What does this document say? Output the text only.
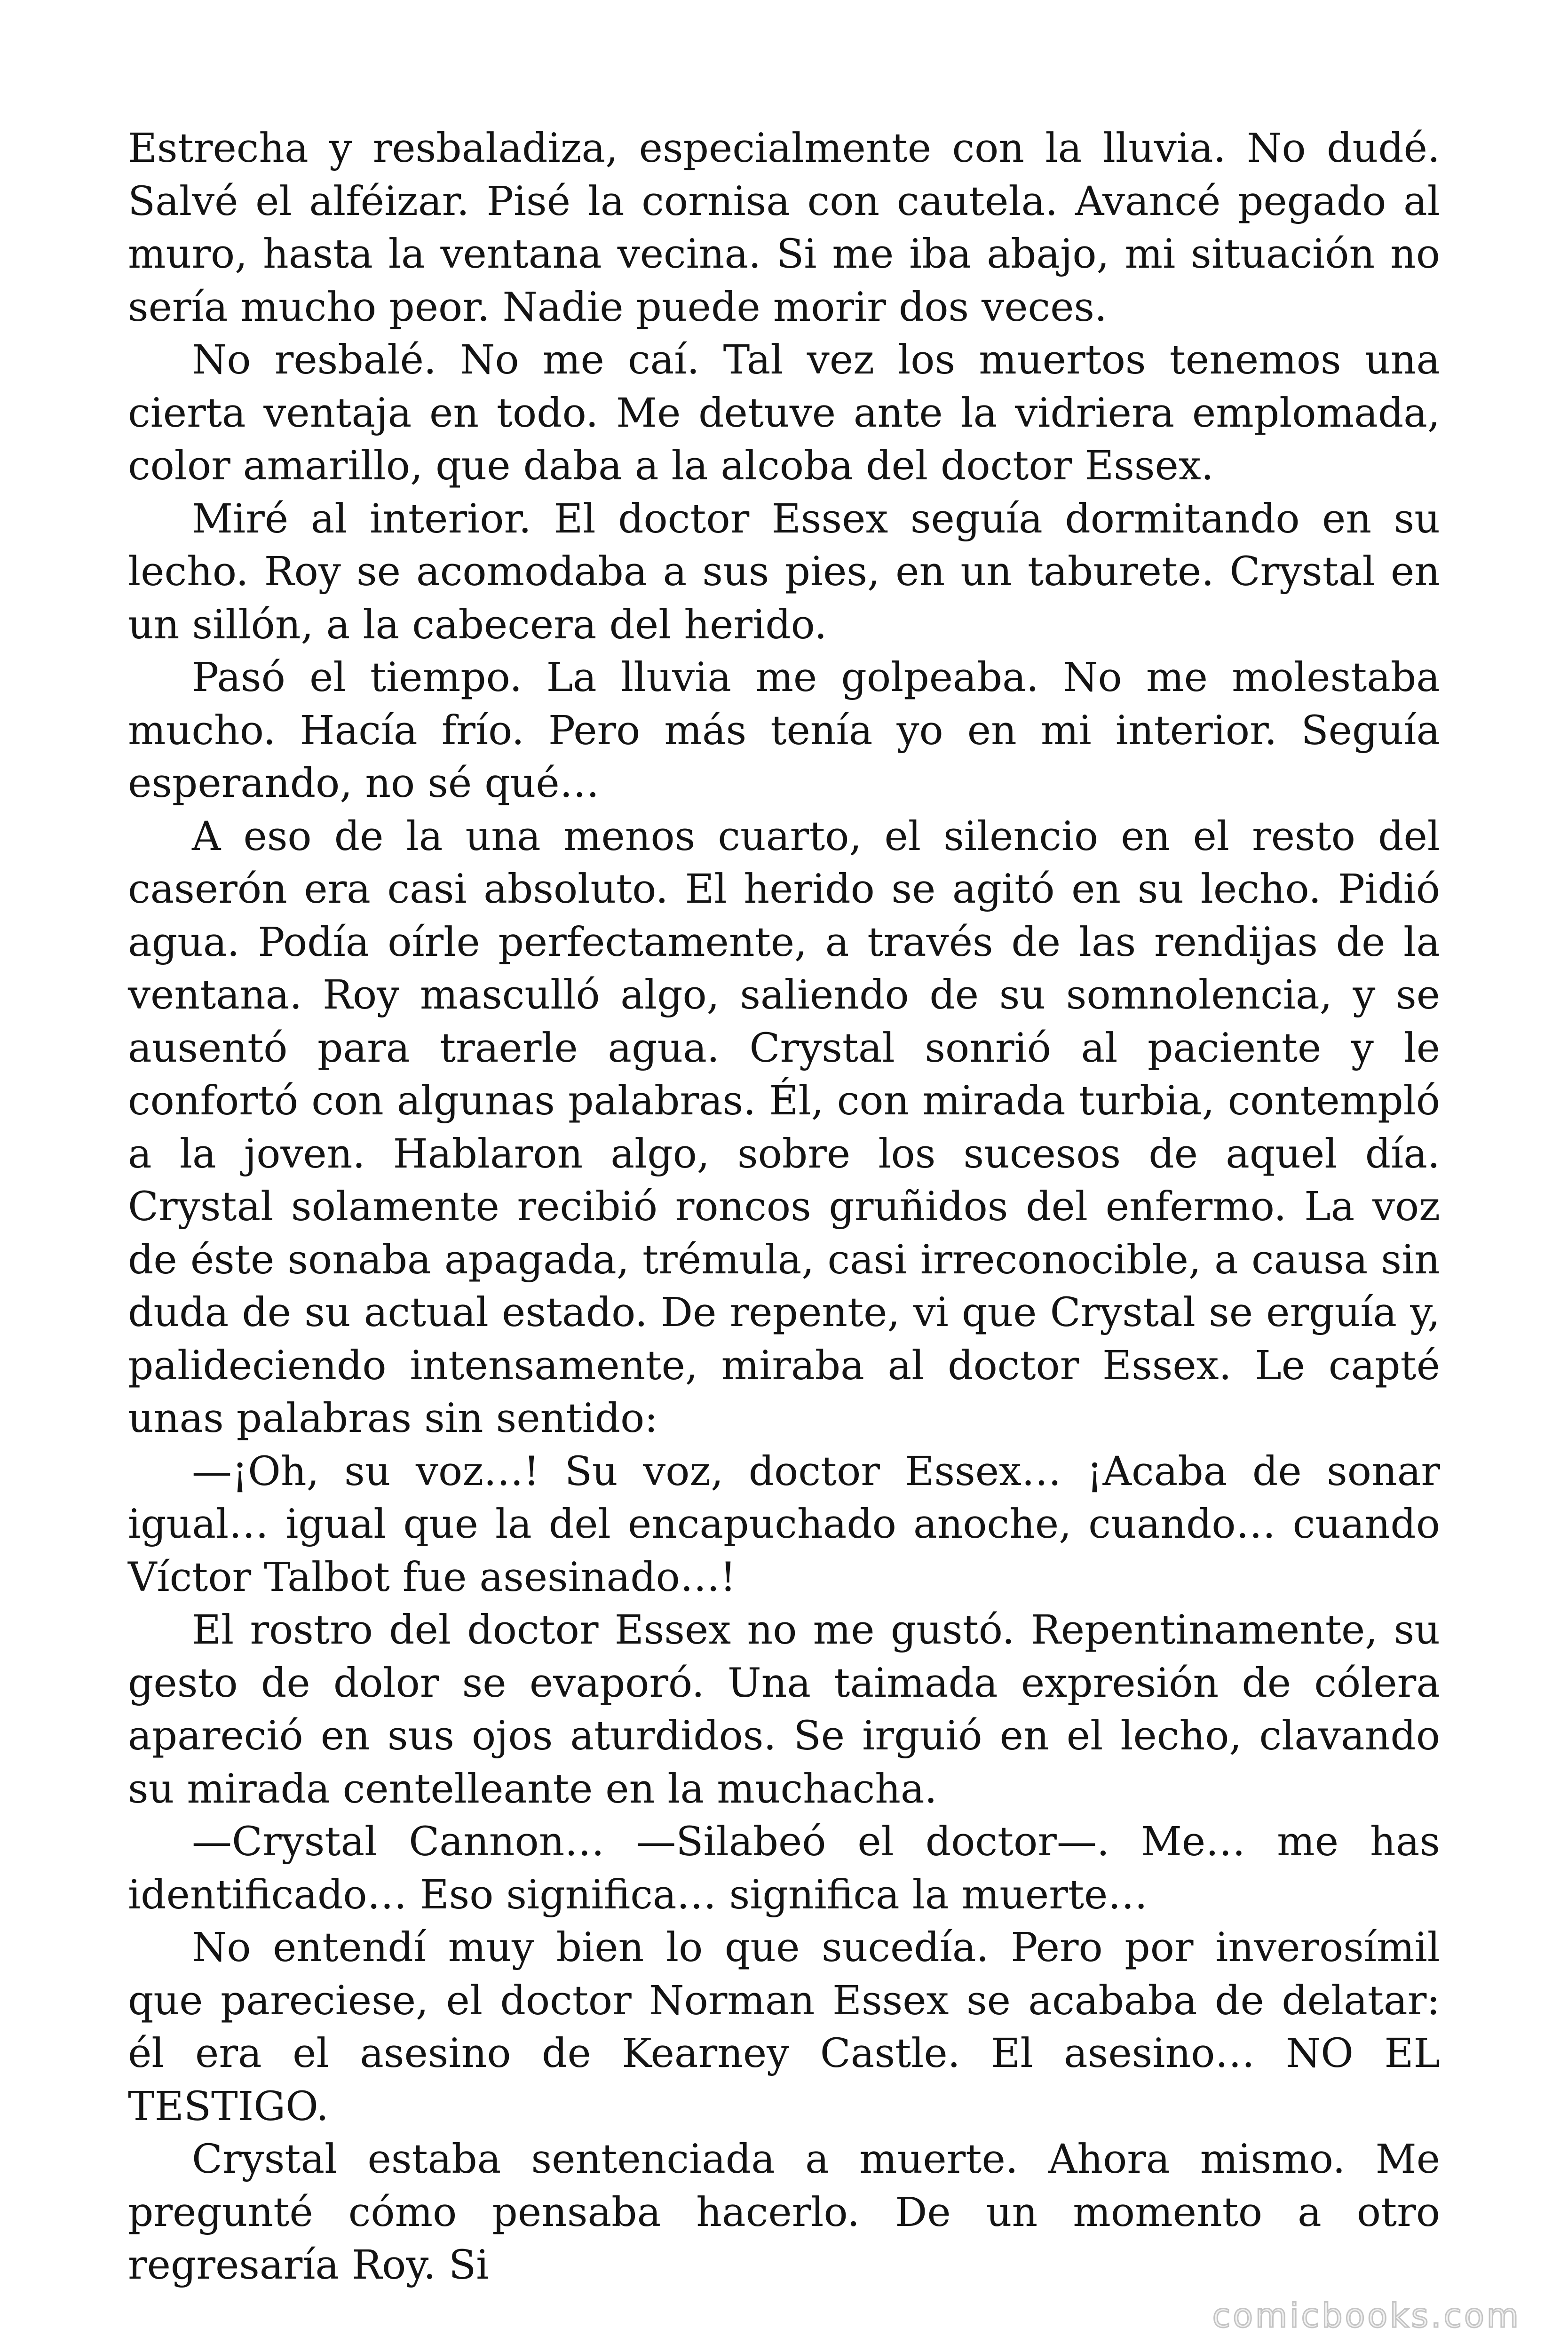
Estrecha y resbaladiza, especialmente con la lluvia. No dudé. Salvé el alféizar. Pisé la cornisa con cautela. Avancé pegado al muro, hasta la ventana vecina. Si me iba abajo, mi situación no sería mucho peor. Nadie puede morir dos veces.

No resbalé. No me caí. Tal vez los muertos tenemos una cierta ventaja en todo. Me detuve ante la vidriera emplomada, color amarillo, que daba a la alcoba del doctor Essex.

Miré al interior. El doctor Essex seguía dormitando en su lecho. Roy se acomodaba a sus pies, en un taburete. Crystal en un sillón, a la cabecera del herido.

Pasó el tiempo. La lluvia me golpeaba. No me molestaba mucho. Hacía frío. Pero más tenía yo en mi interior. Seguía esperando, no sé qué…

A eso de la una menos cuarto, el silencio en el resto del caserón era casi absoluto. El herido se agitó en su lecho. Pidió agua. Podía oírle perfectamente, a través de las rendijas de la ventana. Roy masculló algo, saliendo de su somnolencia, y se ausentó para traerle agua. Crystal sonrió al paciente y le confortó con algunas palabras. Él, con mirada turbia, contempló a la joven. Hablaron algo, sobre los sucesos de aquel día. Crystal solamente recibió roncos gruñidos del enfermo. La voz de éste sonaba apagada, trémula, casi irreconocible, a causa sin duda de su actual estado. De repente, vi que Crystal se erguía y, palideciendo intensamente, miraba al doctor Essex. Le capté unas palabras sin sentido:

—¡Oh, su voz…! Su voz, doctor Essex… ¡Acaba de sonar igual… igual que la del encapuchado anoche, cuando… cuando Víctor Talbot fue asesinado…!

El rostro del doctor Essex no me gustó. Repentinamente, su gesto de dolor se evaporó. Una taimada expresión de cólera apareció en sus ojos aturdidos. Se irguió en el lecho, clavando su mirada centelleante en la muchacha.

—Crystal Cannon… —Silabeó el doctor—. Me… me has identificado… Eso significa… significa la muerte…

No entendí muy bien lo que sucedía. Pero por inverosímil que pareciese, el doctor Norman Essex se acababa de delatar: él era el asesino de Kearney Castle. El asesino… NO EL TESTIGO.

Crystal estaba sentenciada a muerte. Ahora mismo. Me pregunté cómo pensaba hacerlo. De un momento a otro regresaría Roy. Si

comicbooks.com
